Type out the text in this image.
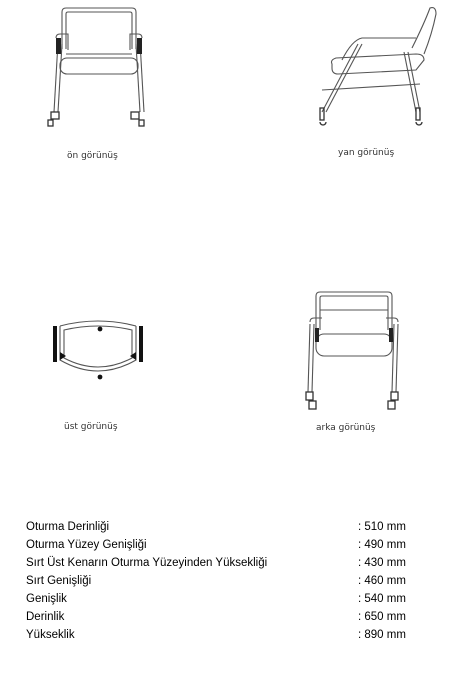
ön görünüş	yan görünüş
üst görünüş	arka görünüş
Oturma Derinliği	: 510 mm
Oturma Yüzey Genişliği	: 490 mm
Sırt Üst Kenarın Oturma Yüzeyinden Yüksekliği	: 430 mm
Sırt Genişliği	: 460 mm
Genişlik	: 540 mm
Derinlik	: 650 mm
Yükseklik	: 890 mm
